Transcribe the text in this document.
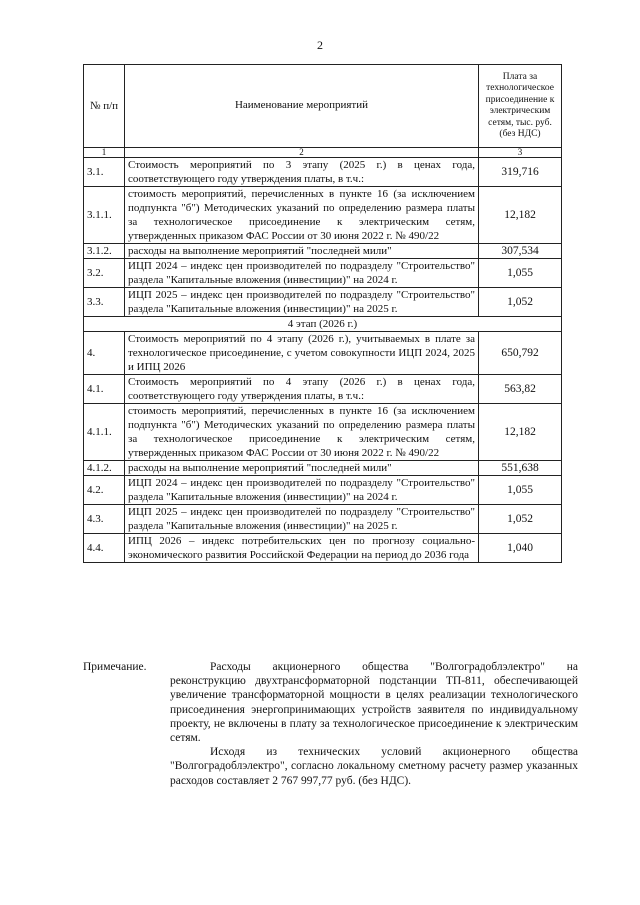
2
№ п/п	Наименование мероприятий	Плата за технологическое присоединение к электрическим сетям, тыс. руб. (без НДС)
1	2	3
3.1.	Стоимость мероприятий по 3 этапу (2025 г.) в ценах года, соответствующего году утверждения платы, в т.ч.:	319,716
3.1.1.	стоимость мероприятий, перечисленных в пункте 16 (за исключением подпункта "б") Методических указаний по определению размера платы за технологическое присоединение к электрическим сетям, утвержденных приказом ФАС России от 30 июня 2022 г. № 490/22	12,182
3.1.2.	расходы на выполнение мероприятий "последней мили"	307,534
3.2.	ИЦП 2024 – индекс цен производителей по подразделу "Строительство" раздела "Капитальные вложения (инвестиции)" на 2024 г.	1,055
3.3.	ИЦП 2025 – индекс цен производителей по подразделу "Строительство" раздела "Капитальные вложения (инвестиции)" на 2025 г.	1,052
4 этап (2026 г.)		
4.	Стоимость мероприятий по 4 этапу (2026 г.), учитываемых в плате за технологическое присоединение, с учетом совокупности ИЦП 2024, 2025 и ИПЦ 2026	650,792
4.1.	Стоимость мероприятий по 4 этапу (2026 г.) в ценах года, соответствующего году утверждения платы, в т.ч.:	563,82
4.1.1.	стоимость мероприятий, перечисленных в пункте 16 (за исключением подпункта "б") Методических указаний по определению размера платы за технологическое присоединение к электрическим сетям, утвержденных приказом ФАС России от 30 июня 2022 г. № 490/22	12,182
4.1.2.	расходы на выполнение мероприятий "последней мили"	551,638
4.2.	ИЦП 2024 – индекс цен производителей по подразделу "Строительство" раздела "Капитальные вложения (инвестиции)" на 2024 г.	1,055
4.3.	ИЦП 2025 – индекс цен производителей по подразделу "Строительство" раздела "Капитальные вложения (инвестиции)" на 2025 г.	1,052
4.4.	ИПЦ 2026 – индекс потребительских цен по прогнозу социально-экономического развития Российской Федерации на период до 2036 года	1,040
Примечание.	Расходы акционерного общества "Волгоградоблэлектро" на реконструкцию двухтрансформаторной подстанции ТП-811, обеспечивающей увеличение трансформаторной мощности в целях реализации технологического присоединения энергопринимающих устройств заявителя по индивидуальному проекту, не включены в плату за технологическое присоединение к электрическим сетям.

Исходя из технических условий акционерного общества "Волгоградоблэлектро", согласно локальному сметному расчету размер указанных расходов составляет 2 767 997,77 руб. (без НДС).
